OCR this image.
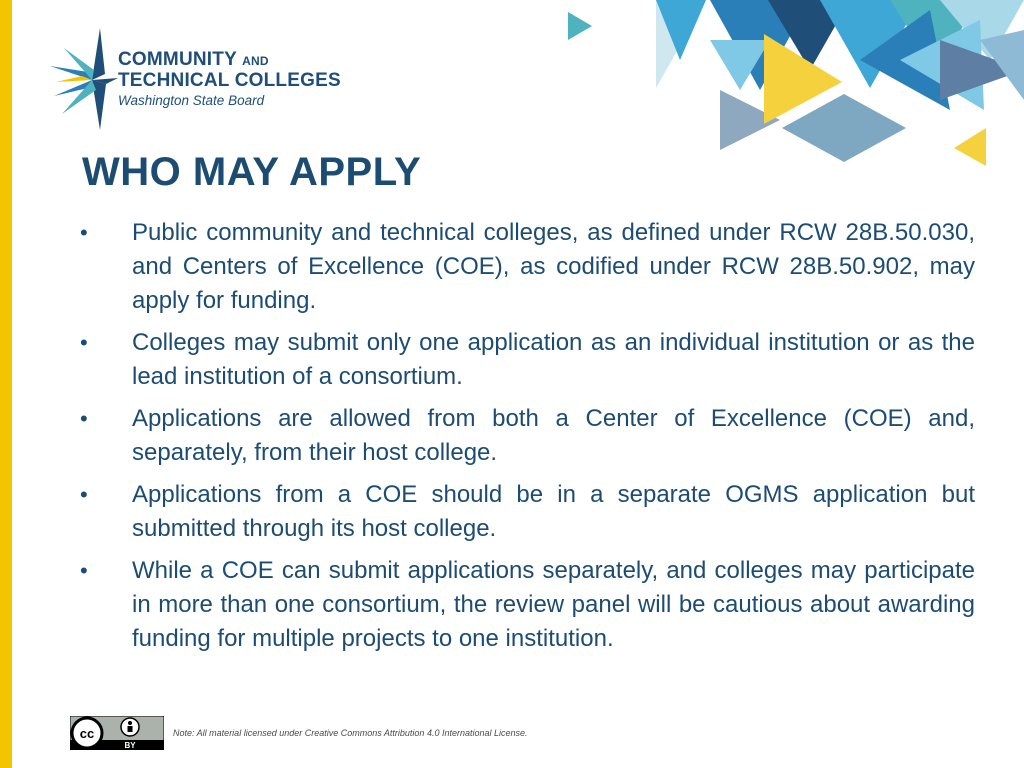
COMMUNITY AND
TECHNICAL COLLEGES
Washington State Board
WHO MAY APPLY
• Public community and technical colleges, as defined under RCW 28B.50.030, and Centers of Excellence (COE), as codified under RCW 28B.50.902, may apply for funding.
• Colleges may submit only one application as an individual institution or as the lead institution of a consortium.
• Applications are allowed from both a Center of Excellence (COE) and, separately, from their host college.
• Applications from a COE should be in a separate OGMS application but submitted through its host college.
• While a COE can submit applications separately, and colleges may participate in more than one consortium, the review panel will be cautious about awarding funding for multiple projects to one institution.
cc
BY
Note: All material licensed under Creative Commons Attribution 4.0 International License.
